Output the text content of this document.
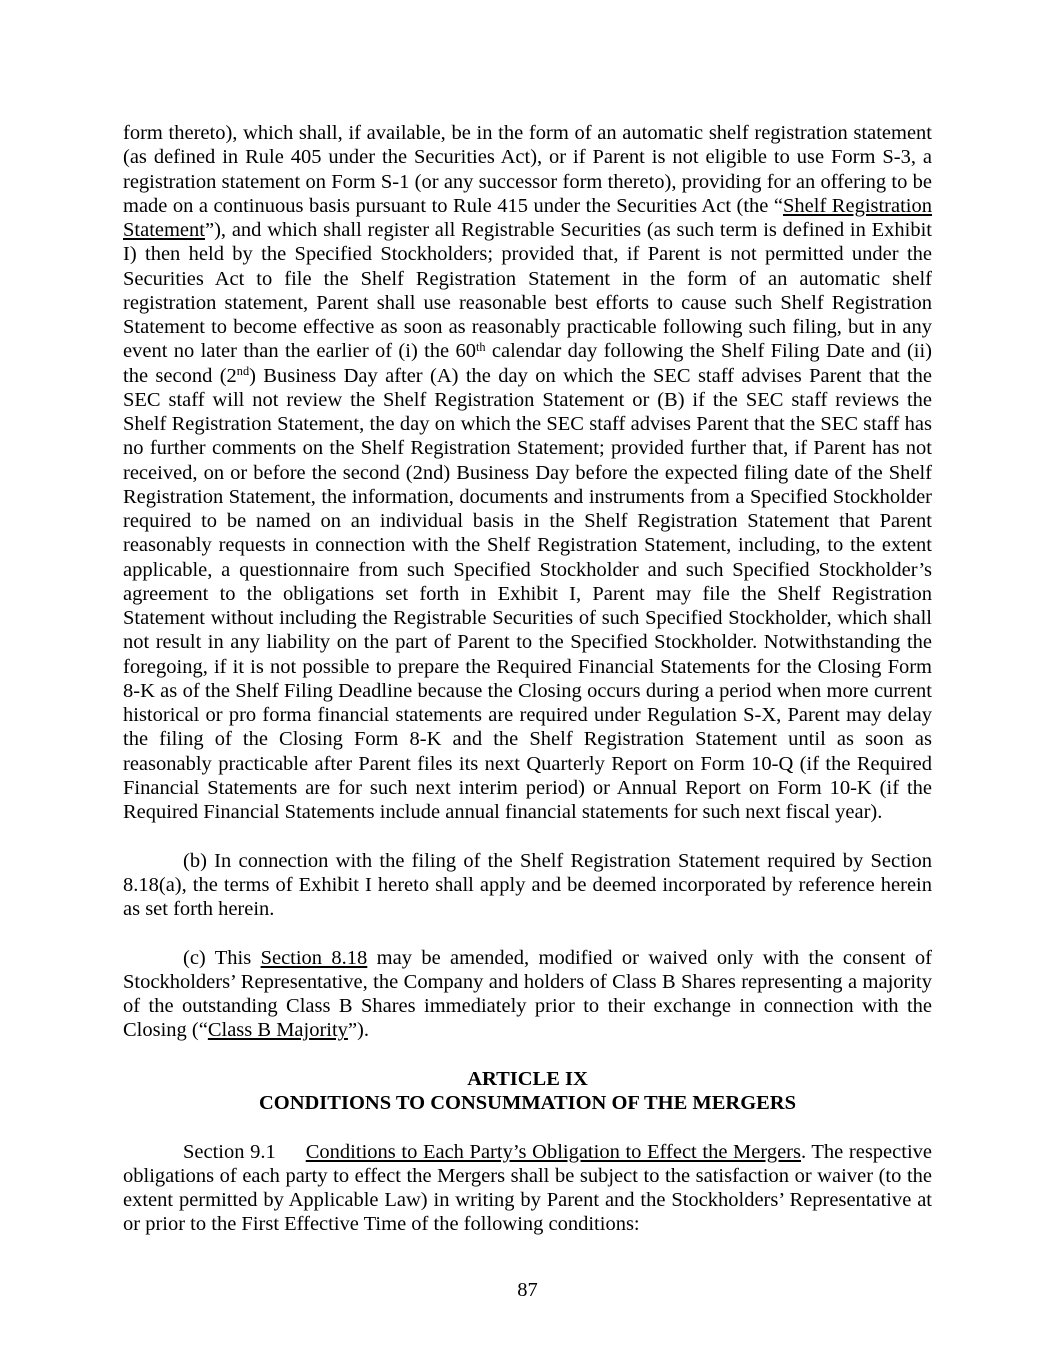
form thereto), which shall, if available, be in the form of an automatic shelf registration statement (as defined in Rule 405 under the Securities Act), or if Parent is not eligible to use Form S-3, a registration statement on Form S-1 (or any successor form thereto), providing for an offering to be made on a continuous basis pursuant to Rule 415 under the Securities Act (the “Shelf Registration Statement”), and which shall register all Registrable Securities (as such term is defined in Exhibit I) then held by the Specified Stockholders; provided that, if Parent is not permitted under the Securities Act to file the Shelf Registration Statement in the form of an automatic shelf registration statement, Parent shall use reasonable best efforts to cause such Shelf Registration Statement to become effective as soon as reasonably practicable following such filing, but in any event no later than the earlier of (i) the 60th calendar day following the Shelf Filing Date and (ii) the second (2nd) Business Day after (A) the day on which the SEC staff advises Parent that the SEC staff will not review the Shelf Registration Statement or (B) if the SEC staff reviews the Shelf Registration Statement, the day on which the SEC staff advises Parent that the SEC staff has no further comments on the Shelf Registration Statement; provided further that, if Parent has not received, on or before the second (2nd) Business Day before the expected filing date of the Shelf Registration Statement, the information, documents and instruments from a Specified Stockholder required to be named on an individual basis in the Shelf Registration Statement that Parent reasonably requests in connection with the Shelf Registration Statement, including, to the extent applicable, a questionnaire from such Specified Stockholder and such Specified Stockholder’s agreement to the obligations set forth in Exhibit I, Parent may file the Shelf Registration Statement without including the Registrable Securities of such Specified Stockholder, which shall not result in any liability on the part of Parent to the Specified Stockholder. Notwithstanding the foregoing, if it is not possible to prepare the Required Financial Statements for the Closing Form 8-K as of the Shelf Filing Deadline because the Closing occurs during a period when more current historical or pro forma financial statements are required under Regulation S-X, Parent may delay the filing of the Closing Form 8-K and the Shelf Registration Statement until as soon as reasonably practicable after Parent files its next Quarterly Report on Form 10-Q (if the Required Financial Statements are for such next interim period) or Annual Report on Form 10-K (if the Required Financial Statements include annual financial statements for such next fiscal year).

(b) In connection with the filing of the Shelf Registration Statement required by Section 8.18(a), the terms of Exhibit I hereto shall apply and be deemed incorporated by reference herein as set forth herein.

(c) This Section 8.18 may be amended, modified or waived only with the consent of Stockholders’ Representative, the Company and holders of Class B Shares representing a majority of the outstanding Class B Shares immediately prior to their exchange in connection with the Closing (“Class B Majority”).

ARTICLE IX
CONDITIONS TO CONSUMMATION OF THE MERGERS

Section 9.1 Conditions to Each Party’s Obligation to Effect the Mergers. The respective obligations of each party to effect the Mergers shall be subject to the satisfaction or waiver (to the extent permitted by Applicable Law) in writing by Parent and the Stockholders’ Representative at or prior to the First Effective Time of the following conditions:

87
